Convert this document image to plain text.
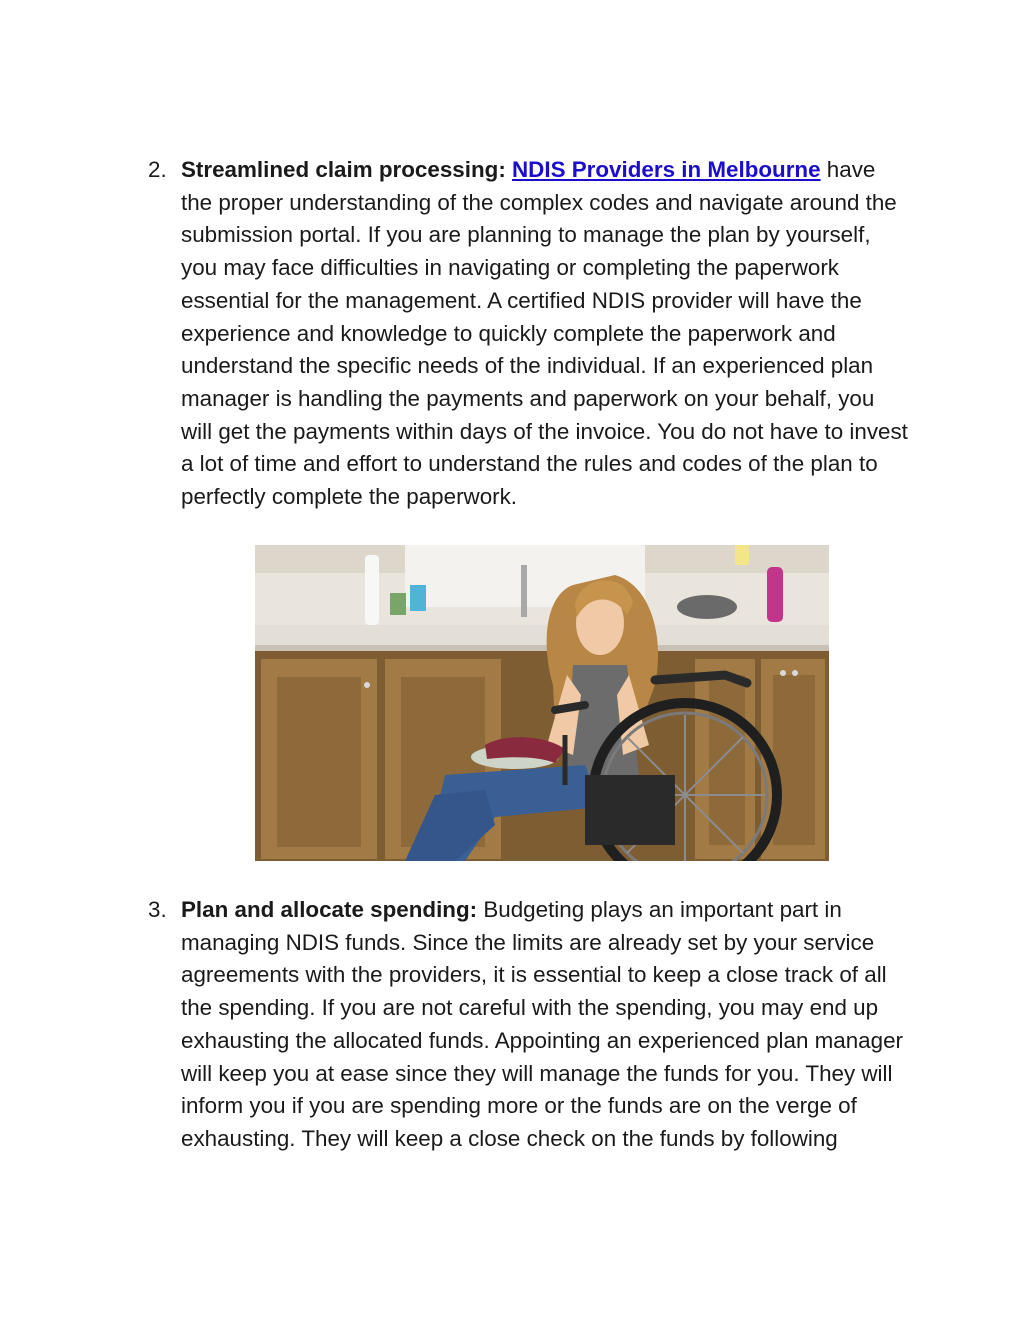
2. Streamlined claim processing: NDIS Providers in Melbourne have the proper understanding of the complex codes and navigate around the submission portal. If you are planning to manage the plan by yourself, you may face difficulties in navigating or completing the paperwork essential for the management. A certified NDIS provider will have the experience and knowledge to quickly complete the paperwork and understand the specific needs of the individual. If an experienced plan manager is handling the payments and paperwork on your behalf, you will get the payments within days of the invoice. You do not have to invest a lot of time and effort to understand the rules and codes of the plan to perfectly complete the paperwork.
3. Plan and allocate spending: Budgeting plays an important part in managing NDIS funds. Since the limits are already set by your service agreements with the providers, it is essential to keep a close track of all the spending. If you are not careful with the spending, you may end up exhausting the allocated funds. Appointing an experienced plan manager will keep you at ease since they will manage the funds for you. They will inform you if you are spending more or the funds are on the verge of exhausting. They will keep a close check on the funds by following
